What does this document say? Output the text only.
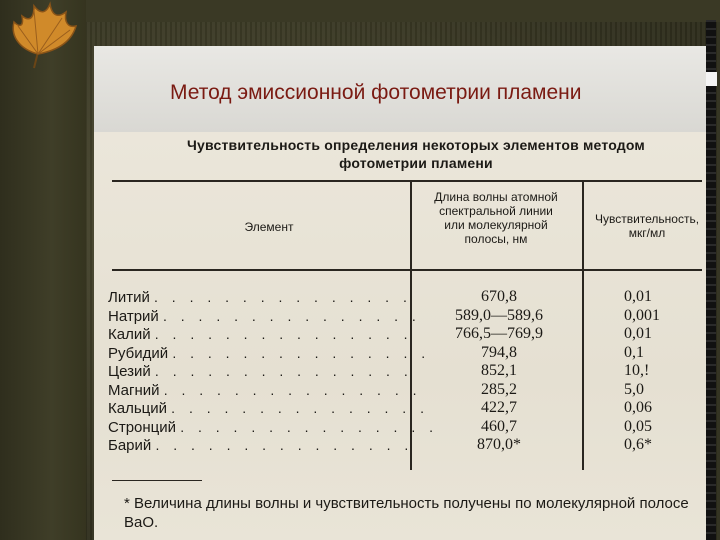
Метод эмиссионной фотометрии пламени
Чувствительность определения некоторых элементов методом
фотометрии пламени
Элемент
Длина волны атомной
спектральной линии
или молекулярной
полосы, нм
Чувствительность,
мкг/мл
Литий . . . . . . . . . . . . . . .
Натрий . . . . . . . . . . . . . . .
Калий . . . . . . . . . . . . . . .
Рубидий . . . . . . . . . . . . . . .
Цезий . . . . . . . . . . . . . . .
Магний . . . . . . . . . . . . . . .
Кальций . . . . . . . . . . . . . . .
Стронций . . . . . . . . . . . . . . .
Барий . . . . . . . . . . . . . . .
670,8
589,0—589,6
766,5—769,9
794,8
852,1
285,2
422,7
460,7
870,0*
0,01
0,001
0,01
0,1
10,!
5,0
0,06
0,05
0,6*
* Величина длины волны и чувствительность получены по молекулярной полосе BaO.
